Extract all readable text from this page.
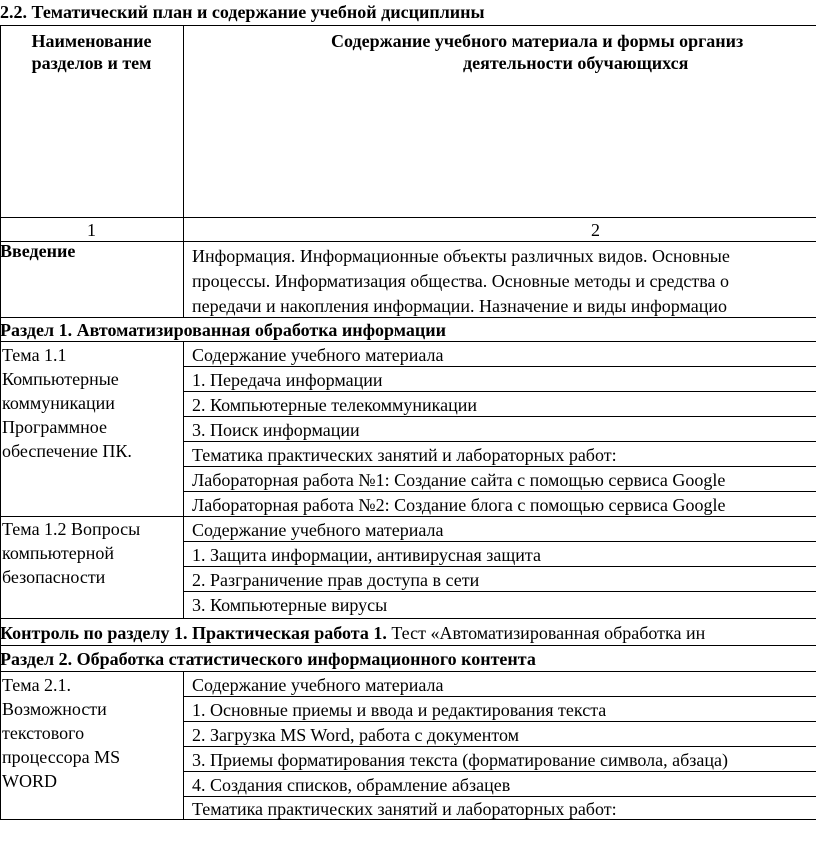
2.2. Тематический план и содержание учебной дисциплины
Наименование
разделов и тем
Содержание учебного материала и формы организ
деятельности обучающихся
1	2
Введение	Информация. Информационные объекты различных видов. Основные
процессы. Информатизация общества. Основные методы и средства о
передачи и накопления информации. Назначение и виды информацио
Раздел 1. Автоматизированная обработка информации
Тема 1.1
Компьютерные
коммуникации
Программное
обеспечение ПК.
Содержание учебного материала
1. Передача информации
2. Компьютерные телекоммуникации
3. Поиск информации
Тематика практических занятий и лабораторных работ:
Лабораторная работа №1: Создание сайта с помощью сервиса Google
Лабораторная работа №2: Создание блога с помощью сервиса Google
Тема 1.2 Вопросы
компьютерной
безопасности
Содержание учебного материала
1. Защита информации, антивирусная защита
2. Разграничение прав доступа в сети
3. Компьютерные вирусы
Контроль по разделу 1. Практическая работа 1. Тест «Автоматизированная обработка ин
Раздел 2. Обработка статистического информационного контента
Тема 2.1.
Возможности
текстового
процессора MS
WORD
Содержание учебного материала
1. Основные приемы и ввода и редактирования текста
2. Загрузка MS Word, работа с документом
3. Приемы форматирования текста (форматирование символа, абзаца)
4. Создания списков, обрамление абзацев
Тематика практических занятий и лабораторных работ:
